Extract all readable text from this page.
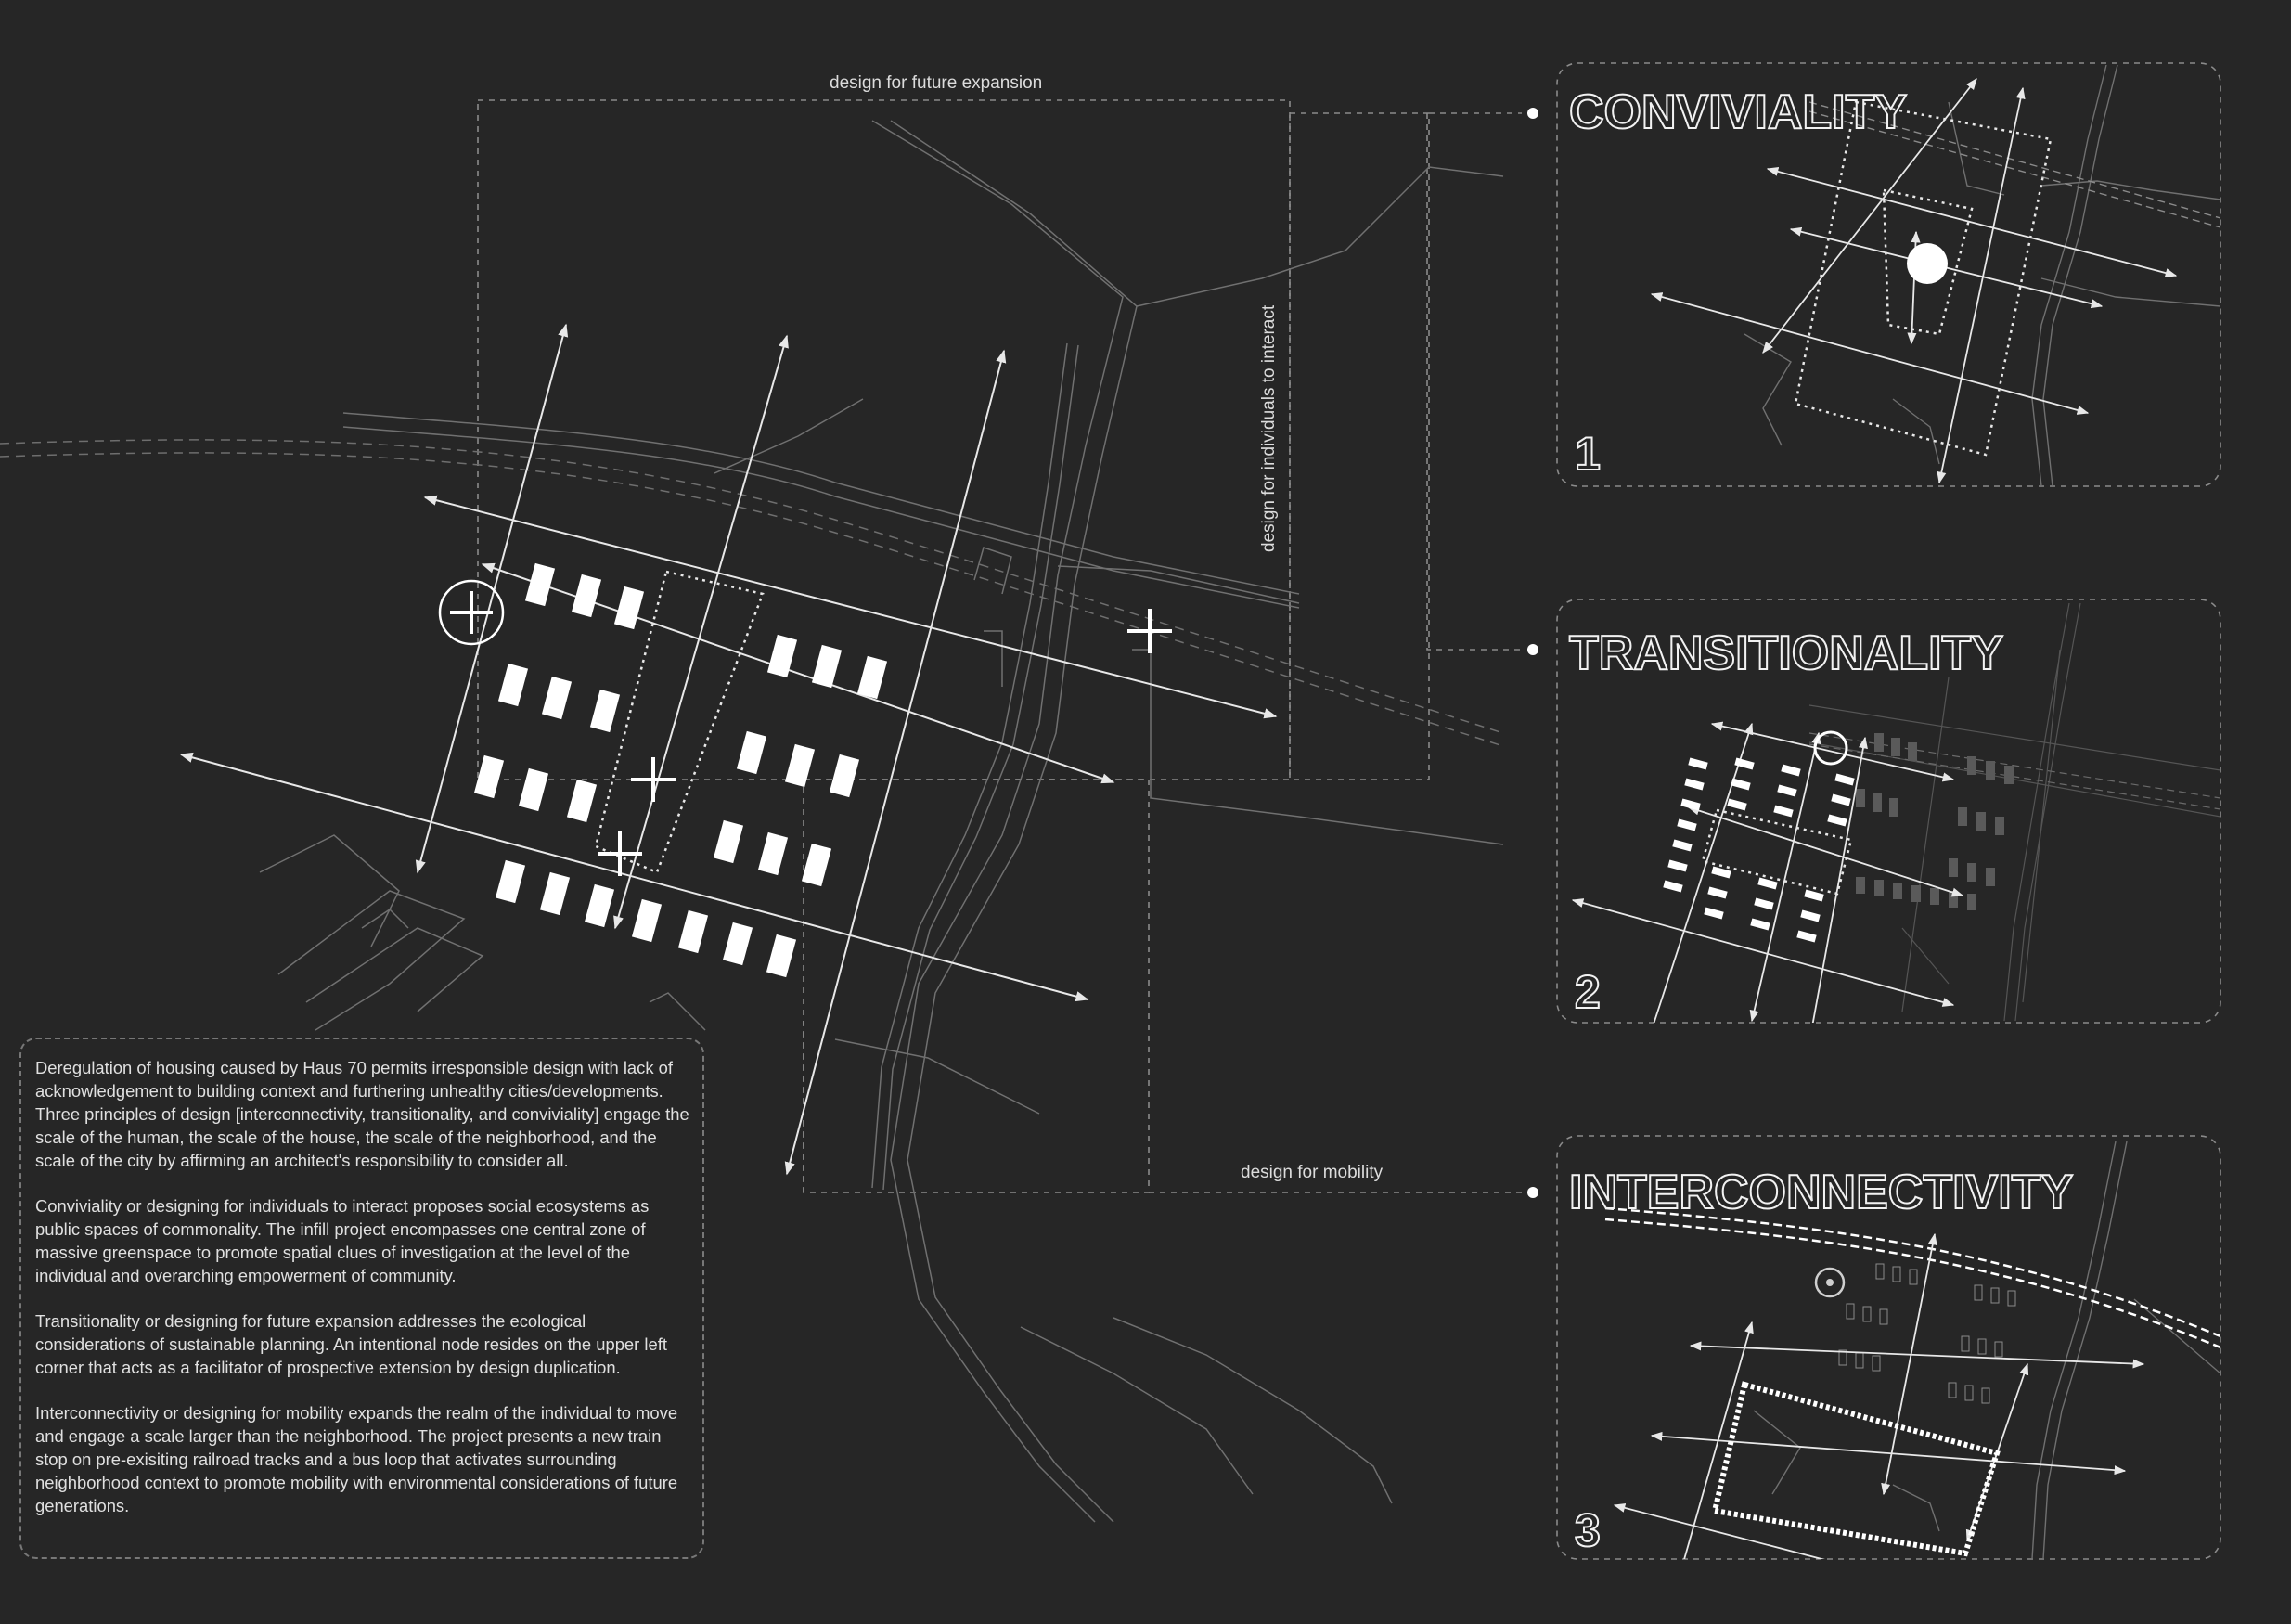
design for future expansion
design for individuals to interact
design for mobility
CONVIVIALITY
1
TRANSITIONALITY
2
INTERCONNECTIVITY
3

Deregulation of housing caused by Haus 70 permits irresponsible design with lack of acknowledgement to building context and furthering unhealthy cities/developments. Three principles of design [interconnectivity, transitionality, and conviviality] engage the scale of the human, the scale of the house, the scale of the neighborhood, and the scale of the city by affirming an architect's responsibility to consider all.

Conviviality or designing for individuals to interact proposes social ecosystems as public spaces of commonality. The infill project encompasses one central zone of massive greenspace to promote spatial clues of investigation at the level of the individual and overarching empowerment of community.

Transitionality or designing for future expansion addresses the ecological considerations of sustainable planning. An intentional node resides on the upper left corner that acts as a facilitator of prospective extension by design duplication.

Interconnectivity or designing for mobility expands the realm of the individual to move and engage a scale larger than the neighborhood. The project presents a new train stop on pre-exisiting railroad tracks and a bus loop that activates surrounding neighborhood context to promote mobility with environmental considerations of future generations.
